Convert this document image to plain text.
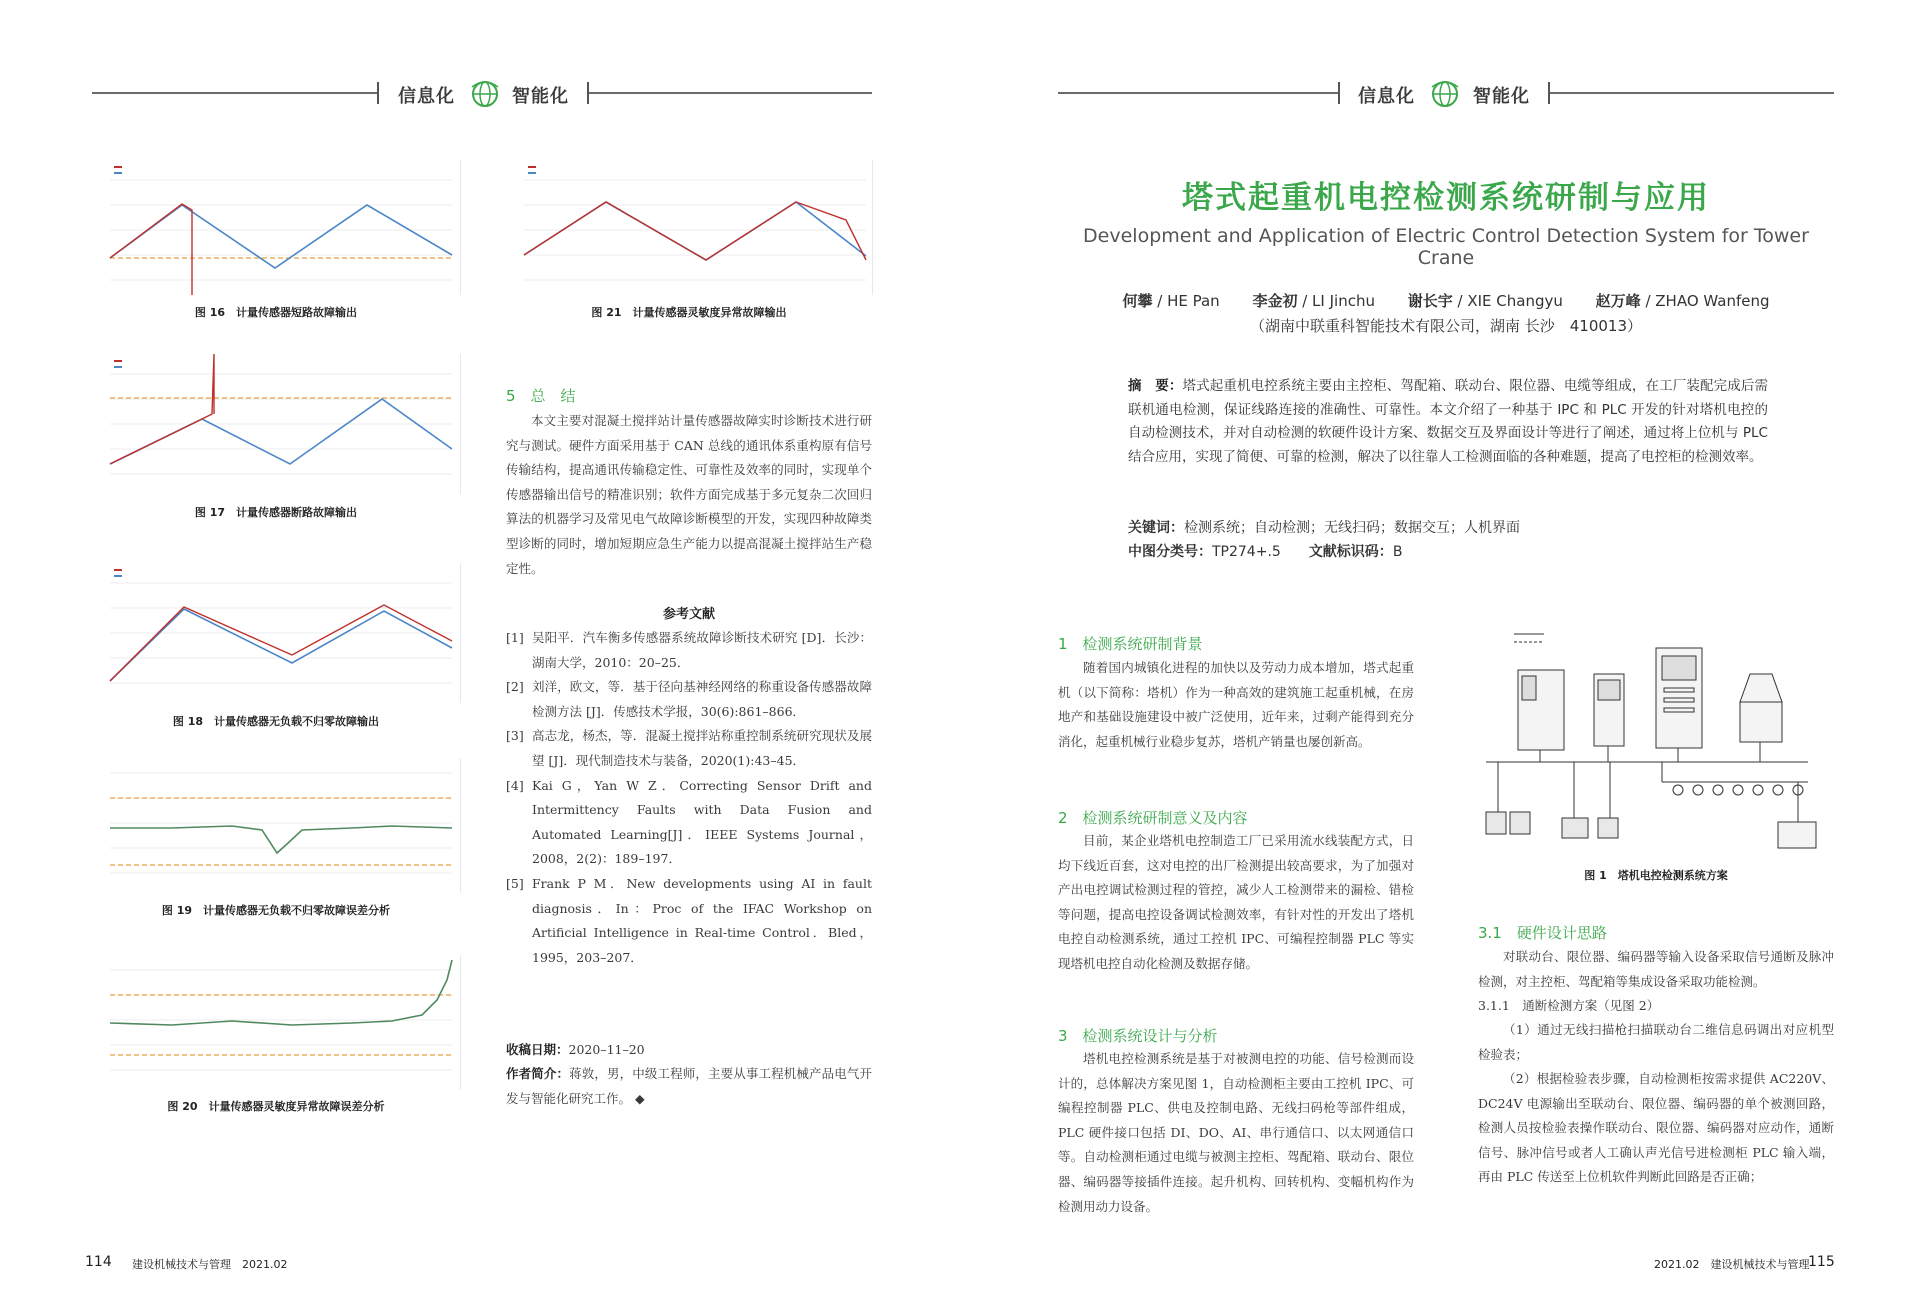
信息化	智能化	信息化	智能化
图 16　计量传感器短路故障输出
图 17　计量传感器断路故障输出
图 18　计量传感器无负载不归零故障输出
图 19　计量传感器无负载不归零故障误差分析
图 20　计量传感器灵敏度异常故障误差分析
图 21　计量传感器灵敏度异常故障输出
5　总　结
本文主要对混凝土搅拌站计量传感器故障实时诊断技术进行研究与测试。硬件方面采用基于 CAN 总线的通讯体系重构原有信号传输结构，提高通讯传输稳定性、可靠性及效率的同时，实现单个传感器输出信号的精准识别；软件方面完成基于多元复杂二次回归算法的机器学习及常见电气故障诊断模型的开发，实现四种故障类型诊断的同时，增加短期应急生产能力以提高混凝土搅拌站生产稳定性。
参考文献
[1] 吴阳平．汽车衡多传感器系统故障诊断技术研究 [D]．长沙：湖南大学，2010：20–25．
[2] 刘洋，欧文，等．基于径向基神经网络的称重设备传感器故障检测方法 [J]．传感技术学报，30(6):861–866．
[3] 高志龙，杨杰，等．混凝土搅拌站称重控制系统研究现状及展望 [J]．现代制造技术与装备，2020(1):43–45．
[4] Kai G，Yan W Z．Correcting Sensor Drift and Intermittency Faults with Data Fusion and Automated Learning[J]．IEEE Systems Journal，2008，2(2)：189–197．
[5] Frank P M．New developments using AI in fault diagnosis．In：Proc of the IFAC Workshop on Artificial Intelligence in Real-time Control．Bled，1995，203–207．
收稿日期：2020–11–20
作者简介：蒋敦，男，中级工程师，主要从事工程机械产品电气开发与智能化研究工作。 ◆
塔式起重机电控检测系统研制与应用
Development and Application of Electric Control Detection System for Tower Crane
何攀 / HE Pan 李金初 / LI Jinchu 谢长宇 / XIE Changyu 赵万峰 / ZHAO Wanfeng
（湖南中联重科智能技术有限公司，湖南 长沙　410013）
摘　要：塔式起重机电控系统主要由主控柜、驾配箱、联动台、限位器、电缆等组成，在工厂装配完成后需联机通电检测，保证线路连接的准确性、可靠性。本文介绍了一种基于 IPC 和 PLC 开发的针对塔机电控的自动检测技术，并对自动检测的软硬件设计方案、数据交互及界面设计等进行了阐述，通过将上位机与 PLC 结合应用，实现了简便、可靠的检测，解决了以往靠人工检测面临的各种难题，提高了电控柜的检测效率。
关键词：检测系统；自动检测；无线扫码；数据交互；人机界面
中图分类号：TP274+.5 文献标识码：B
1　检测系统研制背景
随着国内城镇化进程的加快以及劳动力成本增加，塔式起重机（以下简称：塔机）作为一种高效的建筑施工起重机械，在房地产和基础设施建设中被广泛使用，近年来，过剩产能得到充分消化，起重机械行业稳步复苏，塔机产销量也屡创新高。
2　检测系统研制意义及内容
目前，某企业塔机电控制造工厂已采用流水线装配方式，日均下线近百套，这对电控的出厂检测提出较高要求，为了加强对产出电控调试检测过程的管控，减少人工检测带来的漏检、错检等问题，提高电控设备调试检测效率，有针对性的开发出了塔机电控自动检测系统，通过工控机 IPC、可编程控制器 PLC 等实现塔机电控自动化检测及数据存储。
3　检测系统设计与分析
塔机电控检测系统是基于对被测电控的功能、信号检测而设计的，总体解决方案见图 1，自动检测柜主要由工控机 IPC、可编程控制器 PLC、供电及控制电路、无线扫码枪等部件组成，PLC 硬件接口包括 DI、DO、AI、串行通信口、以太网通信口等。自动检测柜通过电缆与被测主控柜、驾配箱、联动台、限位器、编码器等接插件连接。起升机构、回转机构、变幅机构作为检测用动力设备。
图 1　塔机电控检测系统方案
3.1　硬件设计思路
对联动台、限位器、编码器等输入设备采取信号通断及脉冲检测，对主控柜、驾配箱等集成设备采取功能检测。
3.1.1　通断检测方案（见图 2）
（1）通过无线扫描枪扫描联动台二维信息码调出对应机型检验表；
（2）根据检验表步骤，自动检测柜按需求提供 AC220V、DC24V 电源输出至联动台、限位器、编码器的单个被测回路，检测人员按检验表操作联动台、限位器、编码器对应动作，通断信号、脉冲信号或者人工确认声光信号进检测柜 PLC 输入端，再由 PLC 传送至上位机软件判断此回路是否正确；
114 建设机械技术与管理　2021.02	2021.02　建设机械技术与管理
115
